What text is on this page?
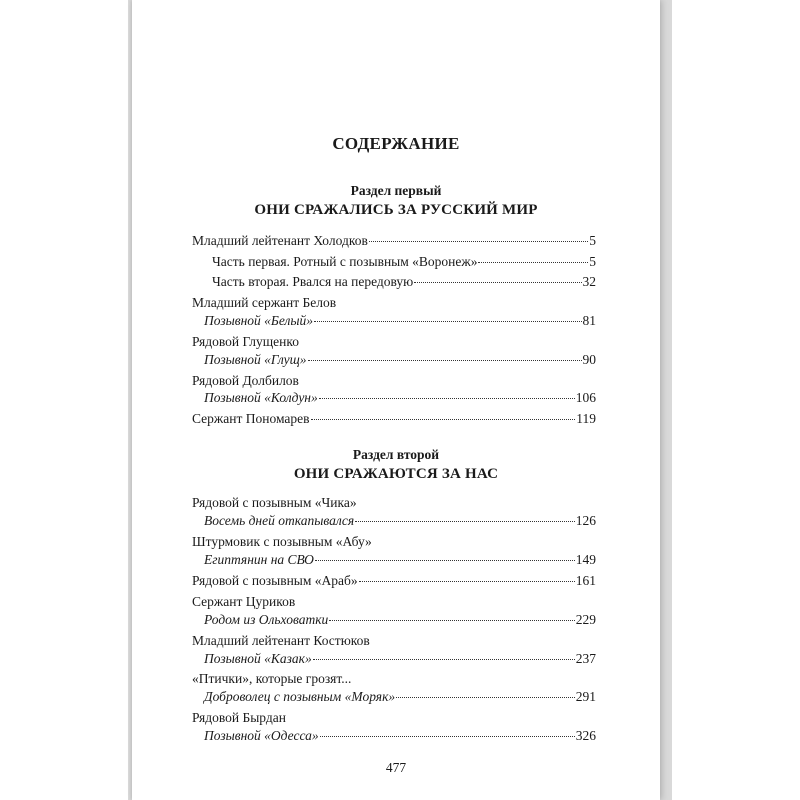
СОДЕРЖАНИЕ
Раздел первый
ОНИ СРАЖАЛИСЬ ЗА РУССКИЙ МИР
Младший лейтенант Холодков	5
Часть первая. Ротный с позывным «Воронеж»	5
Часть вторая. Рвался на передовую	32
Младший сержант Белов
Позывной «Белый»	81
Рядовой Глущенко
Позывной «Глущ»	90
Рядовой Долбилов
Позывной «Колдун»	106
Сержант Пономарев	119
Раздел второй
ОНИ СРАЖАЮТСЯ ЗА НАС
Рядовой с позывным «Чика»
Восемь дней откапывался	126
Штурмовик с позывным «Абу»
Египтянин на СВО	149
Рядовой с позывным «Араб»	161
Сержант Цуриков
Родом из Ольховатки	229
Младший лейтенант Костюков
Позывной «Казак»	237
«Птички», которые грозят...
Доброволец с позывным «Моряк»	291
Рядовой Бырдан
Позывной «Одесса»	326
477
